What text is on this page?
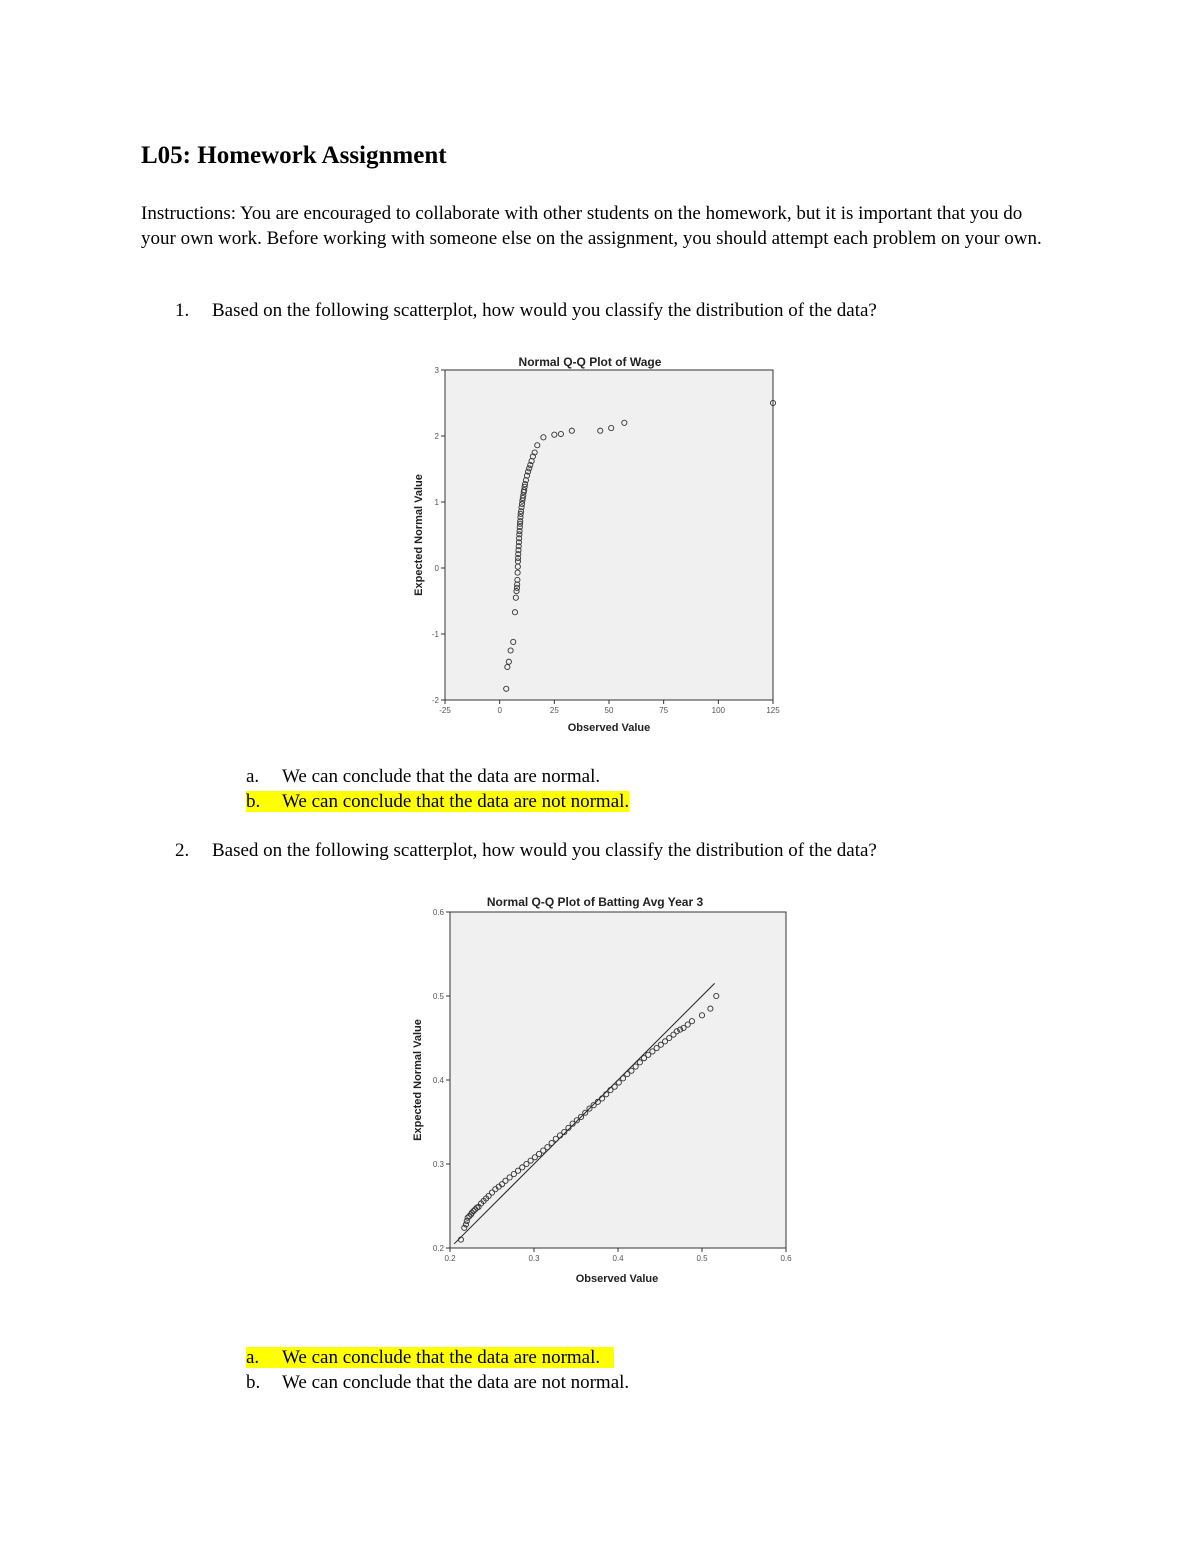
L05: Homework Assignment

Instructions: You are encouraged to collaborate with other students on the homework, but it is important that you do your own work. Before working with someone else on the assignment, you should attempt each problem on your own.

1. Based on the following scatterplot, how would you classify the distribution of the data?
Normal Q-Q Plot of Wage
-25	0	25	50	75	100	125
-2
-1
0
1
2
3
Observed Value
Expected Normal Value
a. We can conclude that the data are normal.
b. We can conclude that the data are not normal.
2. Based on the following scatterplot, how would you classify the distribution of the data?
Normal Q-Q Plot of Batting Avg Year 3
0.2	0.3	0.4	0.5	0.6
0.2
0.3
0.4
0.5
0.6
Observed Value
Expected Normal Value
a. We can conclude that the data are normal.
b. We can conclude that the data are not normal.
